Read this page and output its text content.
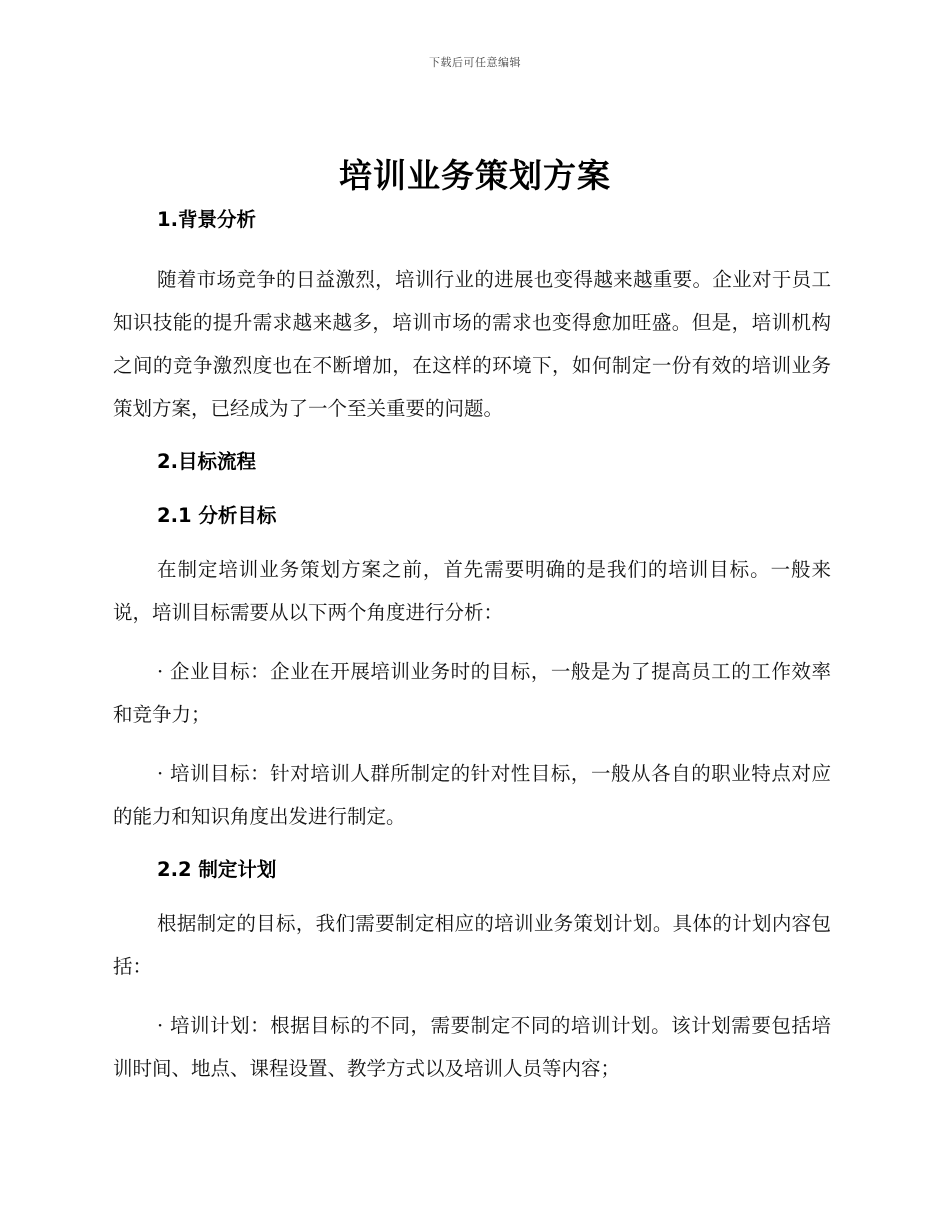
下载后可任意编辑
培训业务策划方案
1.背景分析

随着市场竞争的日益激烈，培训行业的进展也变得越来越重要。企业对于员工知识技能的提升需求越来越多，培训市场的需求也变得愈加旺盛。但是，培训机构之间的竞争激烈度也在不断增加，在这样的环境下，如何制定一份有效的培训业务策划方案，已经成为了一个至关重要的问题。

2.目标流程
2.1 分析目标

在制定培训业务策划方案之前，首先需要明确的是我们的培训目标。一般来说，培训目标需要从以下两个角度进行分析：

· 企业目标：企业在开展培训业务时的目标，一般是为了提高员工的工作效率和竞争力；

· 培训目标：针对培训人群所制定的针对性目标，一般从各自的职业特点对应的能力和知识角度出发进行制定。

2.2 制定计划

根据制定的目标，我们需要制定相应的培训业务策划计划。具体的计划内容包括：

· 培训计划：根据目标的不同，需要制定不同的培训计划。该计划需要包括培训时间、地点、课程设置、教学方式以及培训人员等内容；
